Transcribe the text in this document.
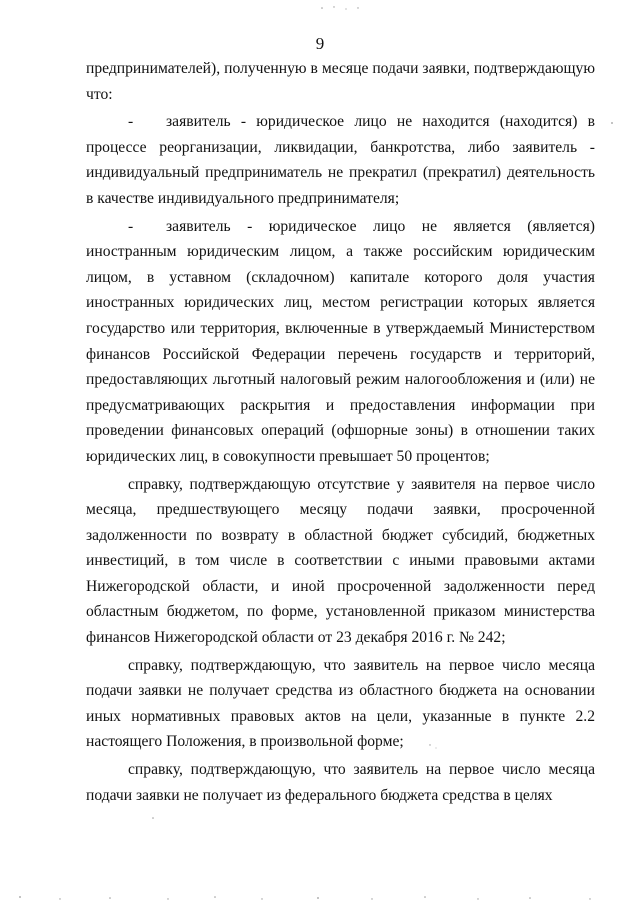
9

предпринимателей), полученную в месяце подачи заявки, подтверждающую что:

- заявитель - юридическое лицо не находится (находится) в процессе реорганизации, ликвидации, банкротства, либо заявитель - индивидуальный предприниматель не прекратил (прекратил) деятельность в качестве индивидуального предпринимателя;

- заявитель - юридическое лицо не является (является) иностранным юридическим лицом, а также российским юридическим лицом, в уставном (складочном) капитале которого доля участия иностранных юридических лиц, местом регистрации которых является государство или территория, включенные в утверждаемый Министерством финансов Российской Федерации перечень государств и территорий, предоставляющих льготный налоговый режим налогообложения и (или) не предусматривающих раскрытия и предоставления информации при проведении финансовых операций (офшорные зоны) в отношении таких юридических лиц, в совокупности превышает 50 процентов;

справку, подтверждающую отсутствие у заявителя на первое число месяца, предшествующего месяцу подачи заявки, просроченной задолженности по возврату в областной бюджет субсидий, бюджетных инвестиций, в том числе в соответствии с иными правовыми актами Нижегородской области, и иной просроченной задолженности перед областным бюджетом, по форме, установленной приказом министерства финансов Нижегородской области от 23 декабря 2016 г. № 242;

справку, подтверждающую, что заявитель на первое число месяца подачи заявки не получает средства из областного бюджета на основании иных нормативных правовых актов на цели, указанные в пункте 2.2 настоящего Положения, в произвольной форме;

справку, подтверждающую, что заявитель на первое число месяца подачи заявки не получает из федерального бюджета средства в целях
